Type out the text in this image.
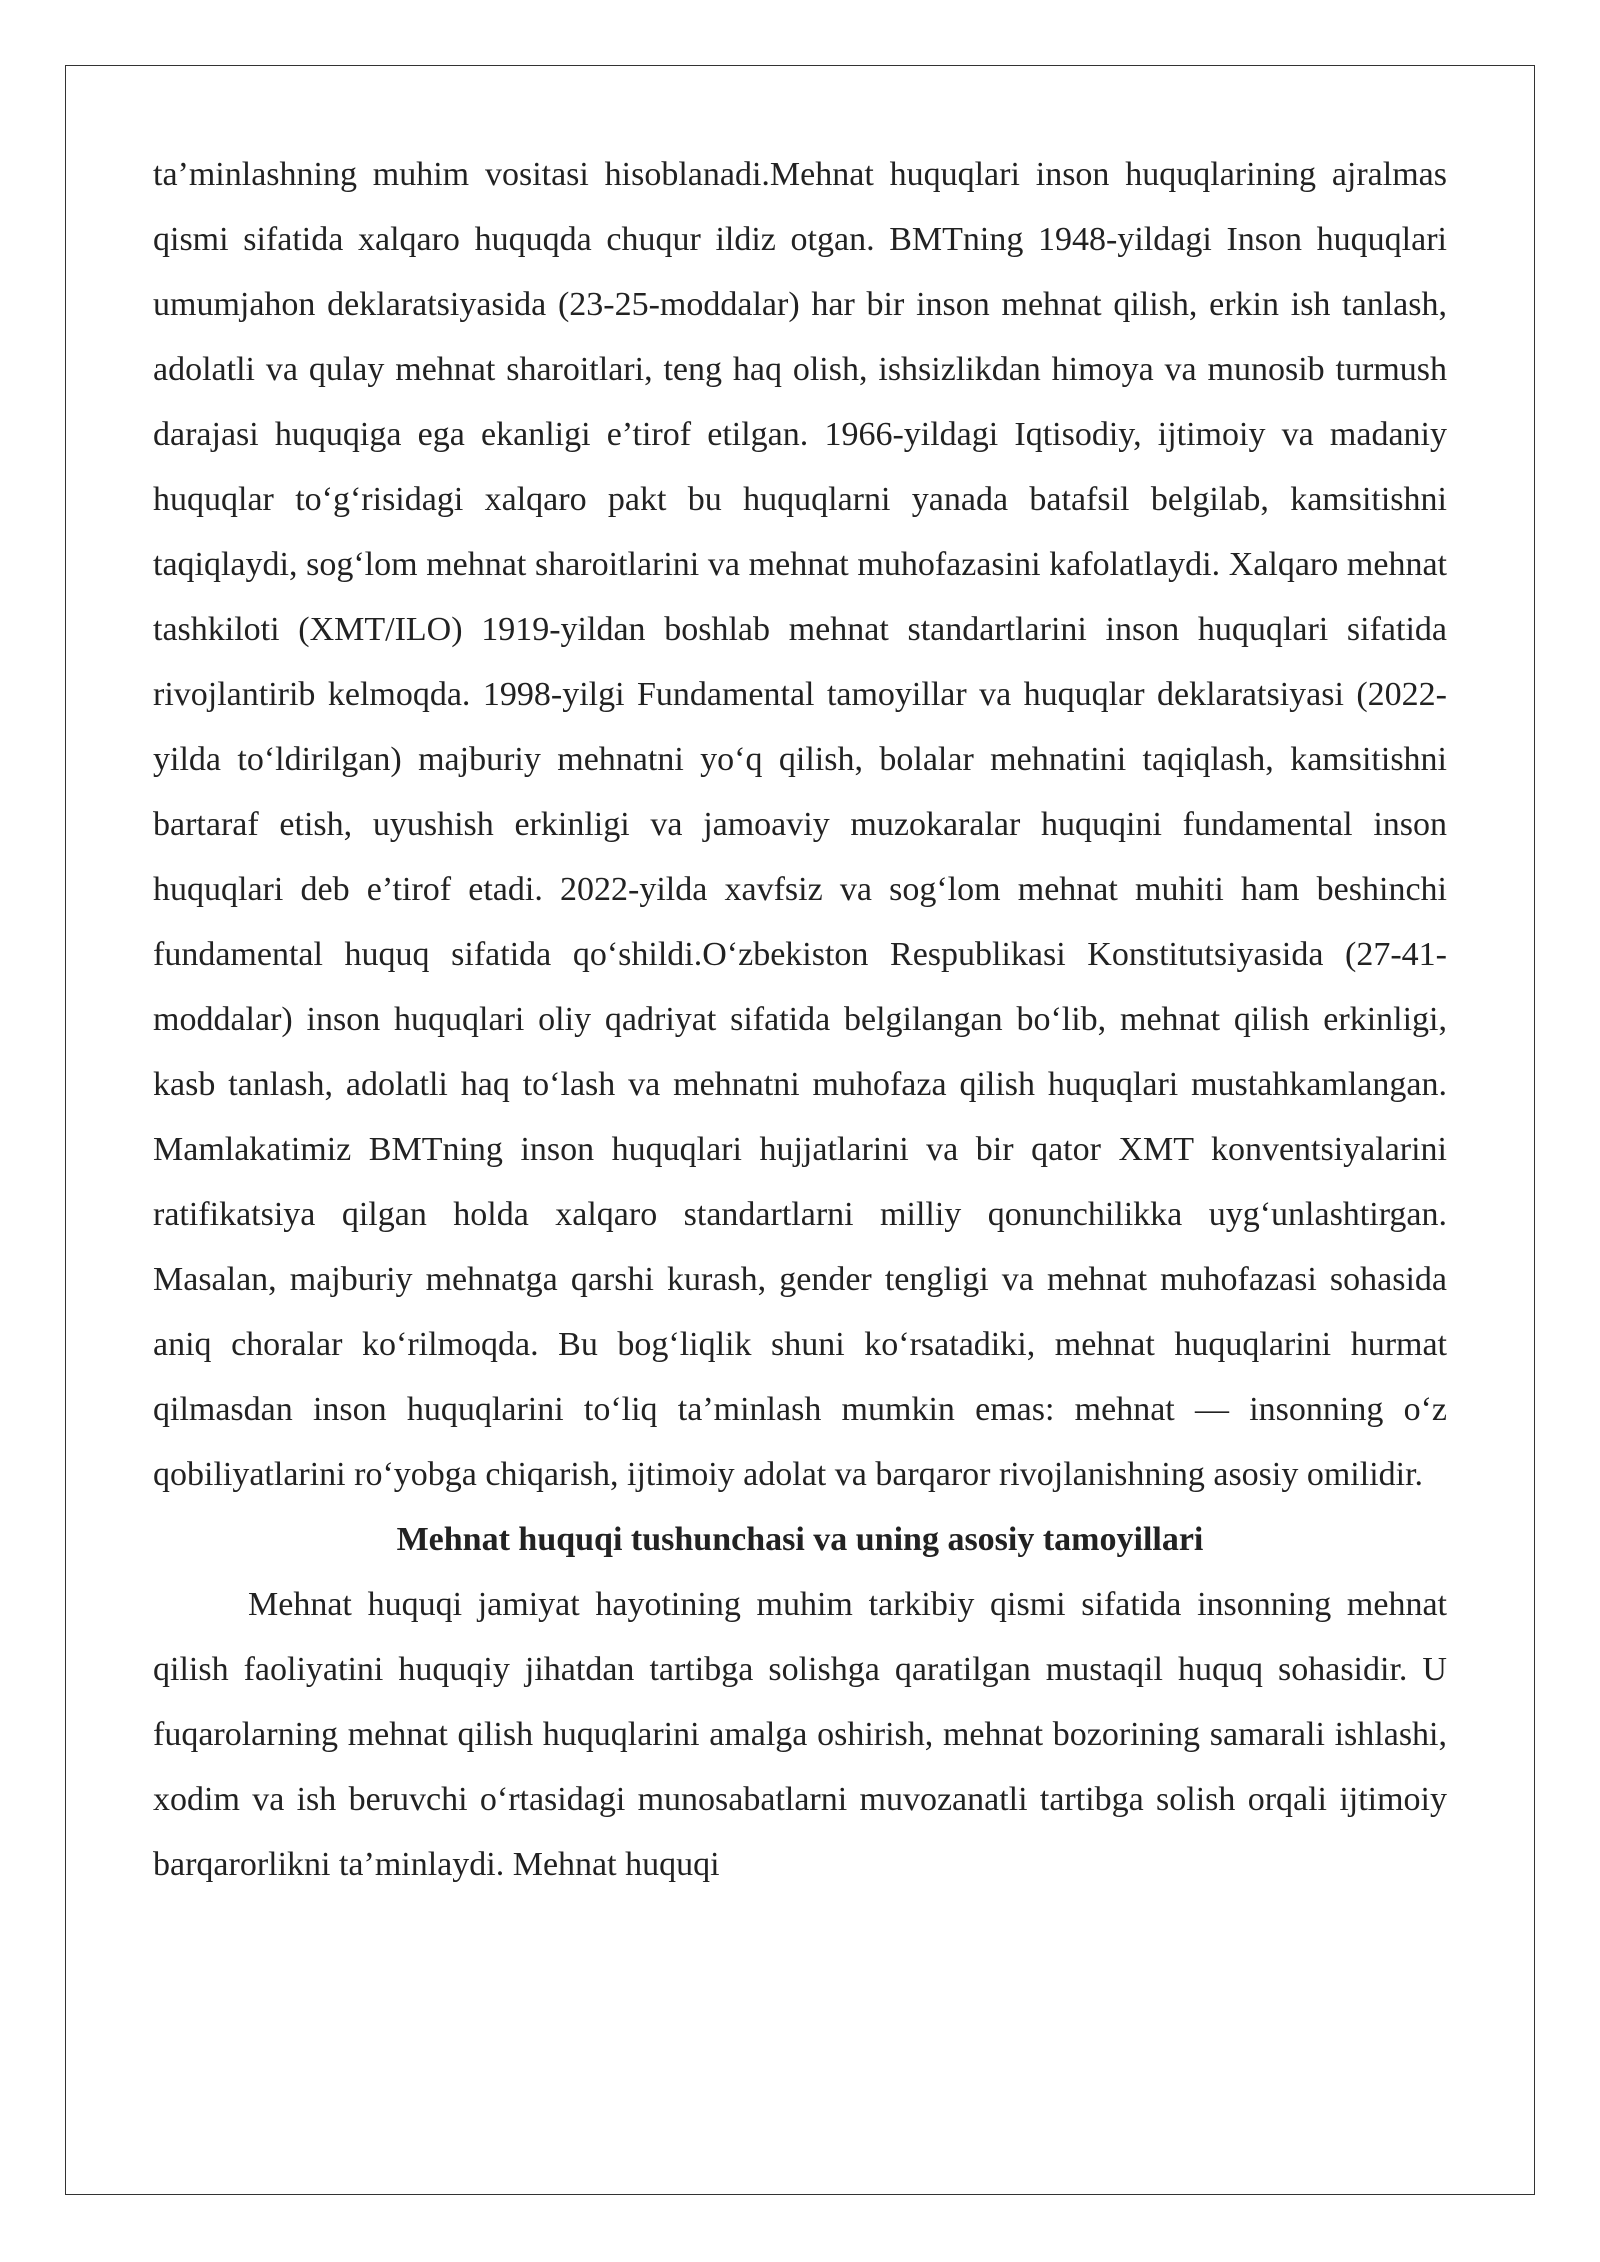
ta’minlashning muhim vositasi hisoblanadi.Mehnat huquqlari inson huquqlarining ajralmas qismi sifatida xalqaro huquqda chuqur ildiz otgan. BMTning 1948-yildagi Inson huquqlari umumjahon deklaratsiyasida (23-25-moddalar) har bir inson mehnat qilish, erkin ish tanlash, adolatli va qulay mehnat sharoitlari, teng haq olish, ishsizlikdan himoya va munosib turmush darajasi huquqiga ega ekanligi e’tirof etilgan. 1966-yildagi Iqtisodiy, ijtimoiy va madaniy huquqlar to‘g‘risidagi xalqaro pakt bu huquqlarni yanada batafsil belgilab, kamsitishni taqiqlaydi, sog‘lom mehnat sharoitlarini va mehnat muhofazasini kafolatlaydi. Xalqaro mehnat tashkiloti (XMT/ILO) 1919-yildan boshlab mehnat standartlarini inson huquqlari sifatida rivojlantirib kelmoqda. 1998-yilgi Fundamental tamoyillar va huquqlar deklaratsiyasi (2022-yilda to‘ldirilgan) majburiy mehnatni yo‘q qilish, bolalar mehnatini taqiqlash, kamsitishni bartaraf etish, uyushish erkinligi va jamoaviy muzokaralar huquqini fundamental inson huquqlari deb e’tirof etadi. 2022-yilda xavfsiz va sog‘lom mehnat muhiti ham beshinchi fundamental huquq sifatida qo‘shildi.O‘zbekiston Respublikasi Konstitutsiyasida (27-41-moddalar) inson huquqlari oliy qadriyat sifatida belgilangan bo‘lib, mehnat qilish erkinligi, kasb tanlash, adolatli haq to‘lash va mehnatni muhofaza qilish huquqlari mustahkamlangan. Mamlakatimiz BMTning inson huquqlari hujjatlarini va bir qator XMT konventsiyalarini ratifikatsiya qilgan holda xalqaro standartlarni milliy qonunchilikka uyg‘unlashtirgan. Masalan, majburiy mehnatga qarshi kurash, gender tengligi va mehnat muhofazasi sohasida aniq choralar ko‘rilmoqda. Bu bog‘liqlik shuni ko‘rsatadiki, mehnat huquqlarini hurmat qilmasdan inson huquqlarini to‘liq ta’minlash mumkin emas: mehnat — insonning o‘z qobiliyatlarini ro‘yobga chiqarish, ijtimoiy adolat va barqaror rivojlanishning asosiy omilidir.

Mehnat huquqi tushunchasi va uning asosiy tamoyillari

Mehnat huquqi jamiyat hayotining muhim tarkibiy qismi sifatida insonning mehnat qilish faoliyatini huquqiy jihatdan tartibga solishga qaratilgan mustaqil huquq sohasidir. U fuqarolarning mehnat qilish huquqlarini amalga oshirish, mehnat bozorining samarali ishlashi, xodim va ish beruvchi o‘rtasidagi munosabatlarni muvozanatli tartibga solish orqali ijtimoiy barqarorlikni ta’minlaydi. Mehnat huquqi
